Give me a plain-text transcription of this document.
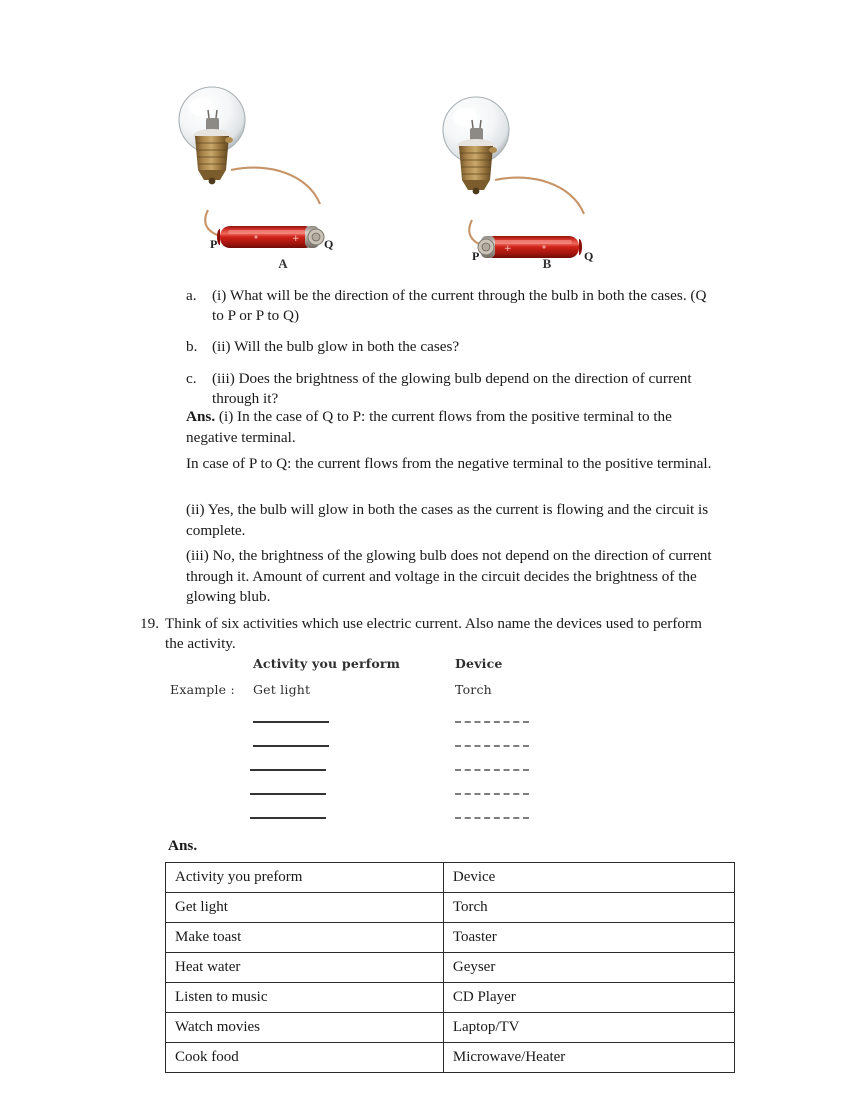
+
P	Q
A
+
P	Q
B
a.	(i) What will be the direction of the current through the bulb in both the cases. (Q to P or P to Q)
b. (ii) Will the bulb glow in both the cases?
c.	(iii) Does the brightness of the glowing bulb depend on the direction of current through it?
Ans. (i) In the case of Q to P: the current flows from the positive terminal to the negative terminal.
In case of P to Q: the current flows from the negative terminal to the positive terminal.
(ii) Yes, the bulb will glow in both the cases as the current is flowing and the circuit is complete.
(iii) No, the brightness of the glowing bulb does not depend on the direction of current through it. Amount of current and voltage in the circuit decides the brightness of the glowing blub.
19. Think of six activities which use electric current. Also name the devices used to perform the activity.
Activity you perform	Device
Example : Get light	Torch
Ans.
Activity you preform	Device
Get light	Torch
Make toast	Toaster
Heat water	Geyser
Listen to music	CD Player
Watch movies	Laptop/TV
Cook food	Microwave/Heater
